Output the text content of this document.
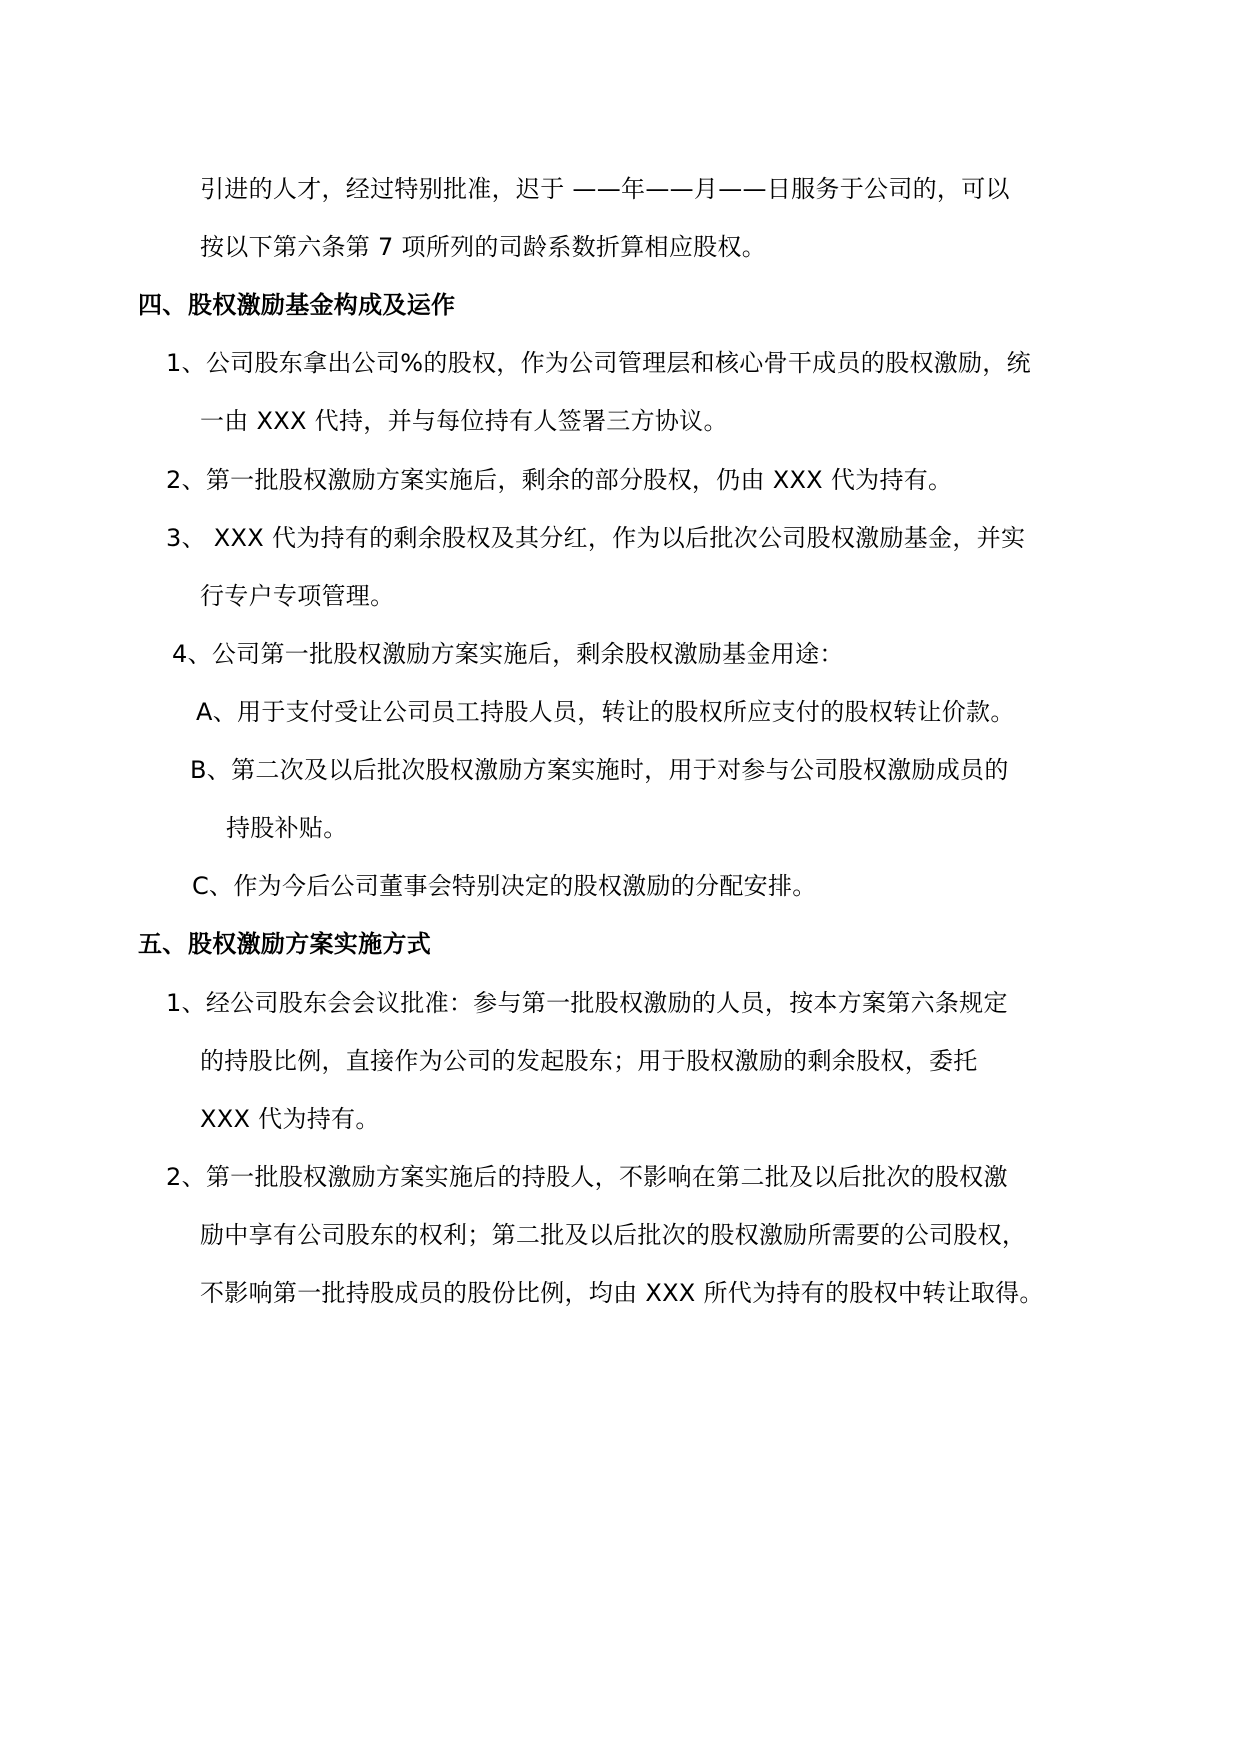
引进的人才，经过特别批准，迟于 ——年——月——日服务于公司的，可以
按以下第六条第 7 项所列的司龄系数折算相应股权。
四、 股权激励基金构成及运作
1、公司股东拿出公司%的股权，作为公司管理层和核心骨干成员的股权激励，统
一由 XXX 代持，并与每位持有人签署三方协议。
2、第一批股权激励方案实施后，剩余的部分股权，仍由 XXX 代为持有。
3、 XXX 代为持有的剩余股权及其分红，作为以后批次公司股权激励基金，并实
行专户专项管理。
4、公司第一批股权激励方案实施后，剩余股权激励基金用途：
A、用于支付受让公司员工持股人员，转让的股权所应支付的股权转让价款。
B、第二次及以后批次股权激励方案实施时，用于对参与公司股权激励成员的
持股补贴。
C、作为今后公司董事会特别决定的股权激励的分配安排。
五、 股权激励方案实施方式
1、经公司股东会会议批准：参与第一批股权激励的人员，按本方案第六条规定
的持股比例，直接作为公司的发起股东；用于股权激励的剩余股权，委托
XXX 代为持有。
2、第一批股权激励方案实施后的持股人，不影响在第二批及以后批次的股权激
励中享有公司股东的权利；第二批及以后批次的股权激励所需要的公司股权，
不影响第一批持股成员的股份比例，均由 XXX 所代为持有的股权中转让取得。
